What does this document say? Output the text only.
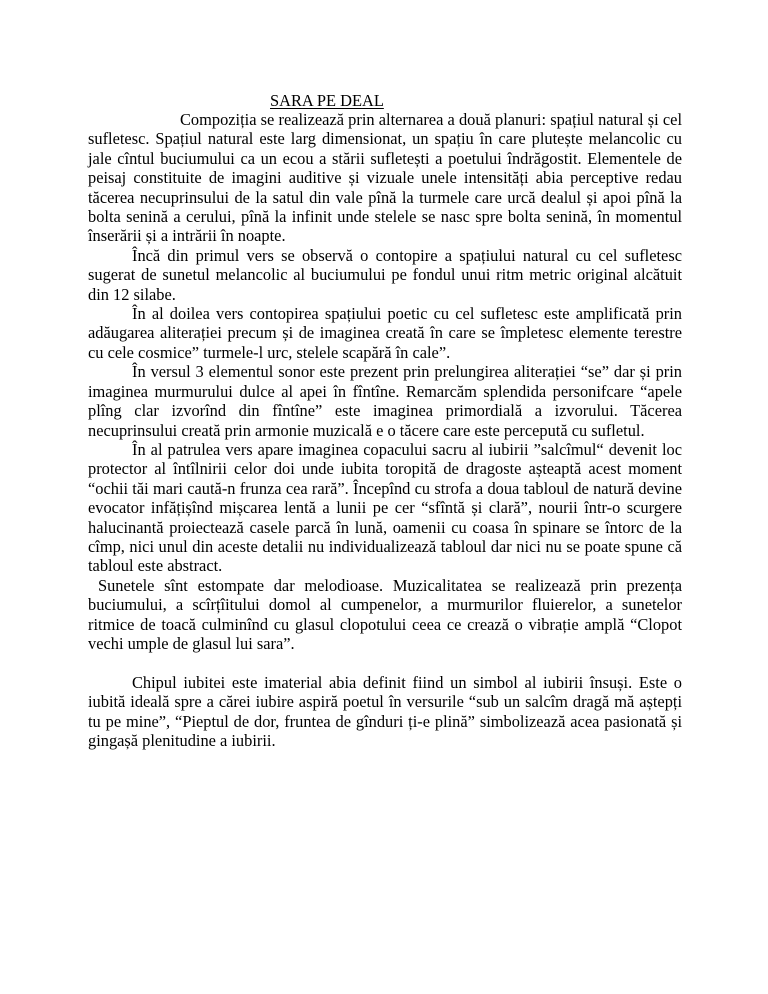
SARA PE DEAL

Compoziția se realizează prin alternarea a două planuri: spațiul natural și cel sufletesc. Spațiul natural este larg dimensionat, un spațiu în care plutește melancolic cu jale cîntul buciumului ca un ecou a stării sufletești a poetului îndrăgostit. Elementele de peisaj constituite de imagini auditive și vizuale unele intensități abia perceptive redau tăcerea necuprinsului de la satul din vale pînă la turmele care urcă dealul și apoi pînă la bolta senină a cerului, pînă la infinit unde stelele se nasc spre bolta senină, în momentul înserării și a intrării în noapte.

Încă din primul vers se observă o contopire a spațiului natural cu cel sufletesc sugerat de sunetul melancolic al buciumului pe fondul unui ritm metric original alcătuit din 12 silabe.

În al doilea vers contopirea spațiului poetic cu cel sufletesc este amplificată prin adăugarea aliterației precum și de imaginea creată în care se împletesc elemente terestre cu cele cosmice” turmele-l urc, stelele scapără în cale”.

În versul 3 elementul sonor este prezent prin prelungirea aliterației “se” dar și prin imaginea murmurului dulce al apei în fîntîne. Remarcăm splendida personifcare “apele plîng clar izvorînd din fîntîne” este imaginea primordială a izvorului. Tăcerea necuprinsului creată prin armonie muzicală e o tăcere care este percepută cu sufletul.

În al patrulea vers apare imaginea copacului sacru al iubirii ”salcîmul“ devenit loc protector al întîlnirii celor doi unde iubita toropită de dragoste așteaptă acest moment “ochii tăi mari caută-n frunza cea rară”. Începînd cu strofa a doua tabloul de natură devine evocator infățișînd mișcarea lentă a lunii pe cer “sfîntă și clară”, nourii într-o scurgere halucinantă proiectează casele parcă în lună, oamenii cu coasa în spinare se întorc de la cîmp, nici unul din aceste detalii nu individualizează tabloul dar nici nu se poate spune că tabloul este abstract.

Sunetele sînt estompate dar melodioase. Muzicalitatea se realizează prin prezența buciumului, a scîrțîitului domol al cumpenelor, a murmurilor fluierelor, a sunetelor ritmice de toacă culminînd cu glasul clopotului ceea ce crează o vibrație amplă “Clopot vechi umple de glasul lui sara”.

Chipul iubitei este imaterial abia definit fiind un simbol al iubirii însuși. Este o iubită ideală spre a cărei iubire aspiră poetul în versurile “sub un salcîm dragă mă aștepți tu pe mine”, “Pieptul de dor, fruntea de gînduri ți-e plină” simbolizează acea pasionată și gingașă plenitudine a iubirii.
